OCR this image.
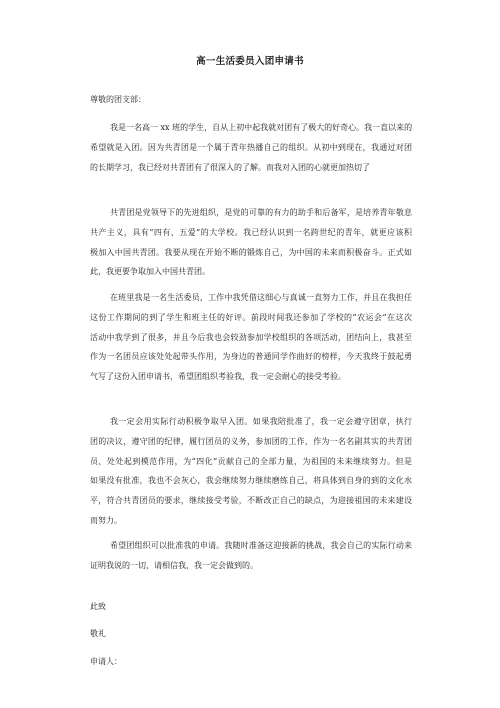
高一生活委员入团申请书
尊敬的团支部：
我是一名高一 xx 班的学生，自从上初中起我就对团有了极大的好奇心。我一直以来的
希望就是入团。因为共青团是一个属于青年热播自己的组织。从初中到现在，我通过对团
的长期学习，我已经对共青团有了很深入的了解。而我对入团的心就更加热切了
共青团是党领导下的先进组织，是党的可靠的有力的助手和后备军，是培养青年敬息
共产主义，具有“四有、五爱”的大学校。我已经认识到一名跨世纪的青年，就更应该积
极加入中国共青团。我要从现在开始不断的锻炼自己，为中国的未来而积极奋斗。正式如
此，我更要争取加入中国共青团。
在班里我是一名生活委员，工作中我凭借这细心与真诚一直努力工作，并且在我担任
这份工作期间的到了学生和班主任的好评。前段时间我还参加了学校的“农运会”在这次
活动中我学到了很多，并且今后我也会较劲参加学校组织的各项活动，团结向上，我甚至
作为一名团员应该处处起带头作用，为身边的普通同学作曲好的榜样，今天我终于鼓起勇
气写了这份入团申请书，希望团组织考验我，我一定会耐心的接受考验。
我一定会用实际行动积极争取早入团。如果我陪批准了，我一定会遵守团章，执行
团的决议，遵守团的纪律，履行团员的义务，参加团的工作，作为一名名副其实的共青团
员，处处起到模范作用，为“四化”贡献自己的全部力量，为祖国的未来继续努力。但是
如果没有批准，我也不会灰心，我会继续努力继续磨练自己，将具体到自身的到的文化水
平，符合共青团员的要求，继续接受考验，不断改正自己的缺点，为迎接祖国的未来建设
而努力。
希望团组织可以批准我的申请。我随时准备这迎接新的挑战，我会自己的实际行动来
证明我说的一切，请相信我，我一定会做到的。
此致
敬礼
申请人：
